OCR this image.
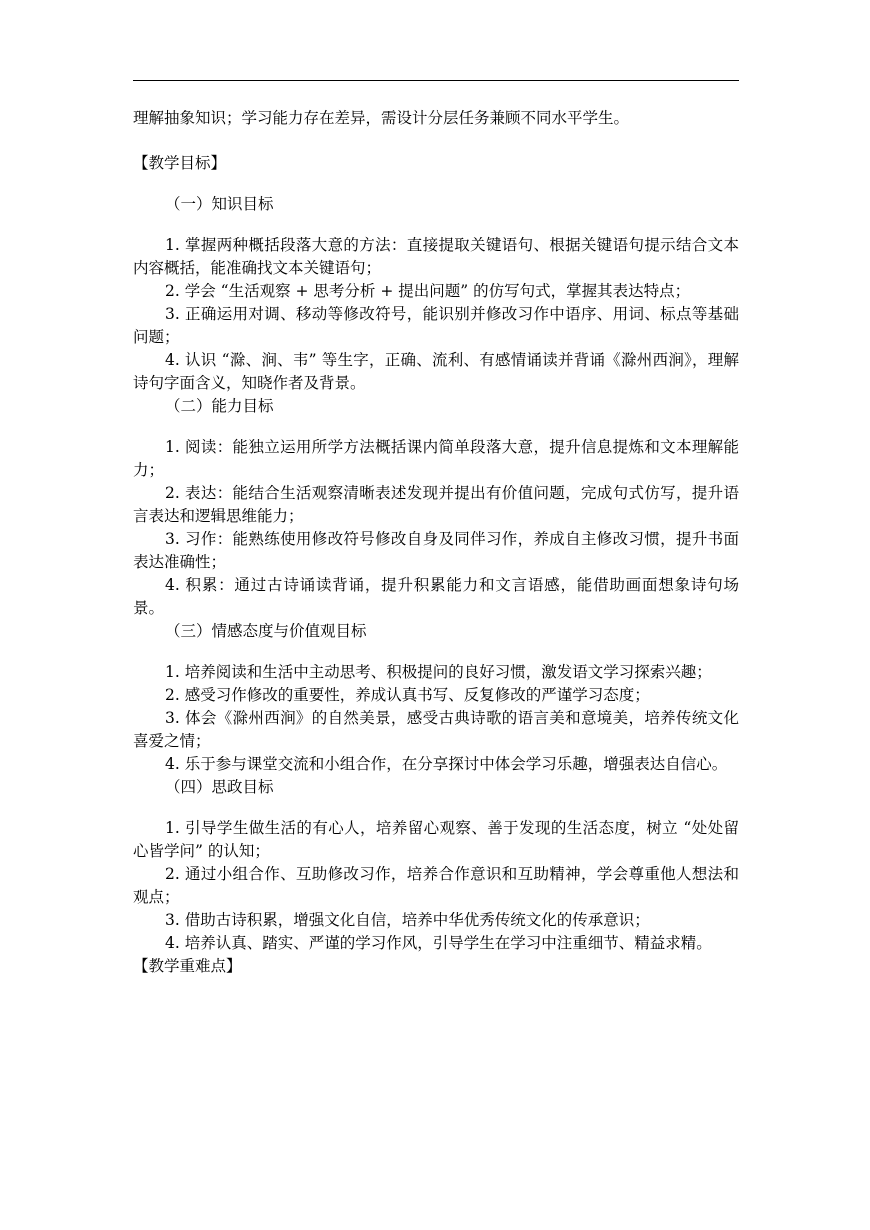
理解抽象知识；学习能力存在差异，需设计分层任务兼顾不同水平学生。

【教学目标】

（一）知识目标

1. 掌握两种概括段落大意的方法：直接提取关键语句、根据关键语句提示结合文本内容概括，能准确找文本关键语句；

2. 学会 “生活观察 + 思考分析 + 提出问题” 的仿写句式，掌握其表达特点；

3. 正确运用对调、移动等修改符号，能识别并修改习作中语序、用词、标点等基础问题；

4. 认识 “滁、涧、韦” 等生字，正确、流利、有感情诵读并背诵《滁州西涧》，理解诗句字面含义，知晓作者及背景。

（二）能力目标

1. 阅读：能独立运用所学方法概括课内简单段落大意，提升信息提炼和文本理解能力；

2. 表达：能结合生活观察清晰表述发现并提出有价值问题，完成句式仿写，提升语言表达和逻辑思维能力；

3. 习作：能熟练使用修改符号修改自身及同伴习作，养成自主修改习惯，提升书面表达准确性；

4. 积累：通过古诗诵读背诵，提升积累能力和文言语感，能借助画面想象诗句场景。

（三）情感态度与价值观目标

1. 培养阅读和生活中主动思考、积极提问的良好习惯，激发语文学习探索兴趣；

2. 感受习作修改的重要性，养成认真书写、反复修改的严谨学习态度；

3. 体会《滁州西涧》的自然美景，感受古典诗歌的语言美和意境美，培养传统文化喜爱之情；

4. 乐于参与课堂交流和小组合作，在分享探讨中体会学习乐趣，增强表达自信心。

（四）思政目标

1. 引导学生做生活的有心人，培养留心观察、善于发现的生活态度，树立 “处处留心皆学问” 的认知；

2. 通过小组合作、互助修改习作，培养合作意识和互助精神，学会尊重他人想法和观点；

3. 借助古诗积累，增强文化自信，培养中华优秀传统文化的传承意识；

4. 培养认真、踏实、严谨的学习作风，引导学生在学习中注重细节、精益求精。

【教学重难点】
